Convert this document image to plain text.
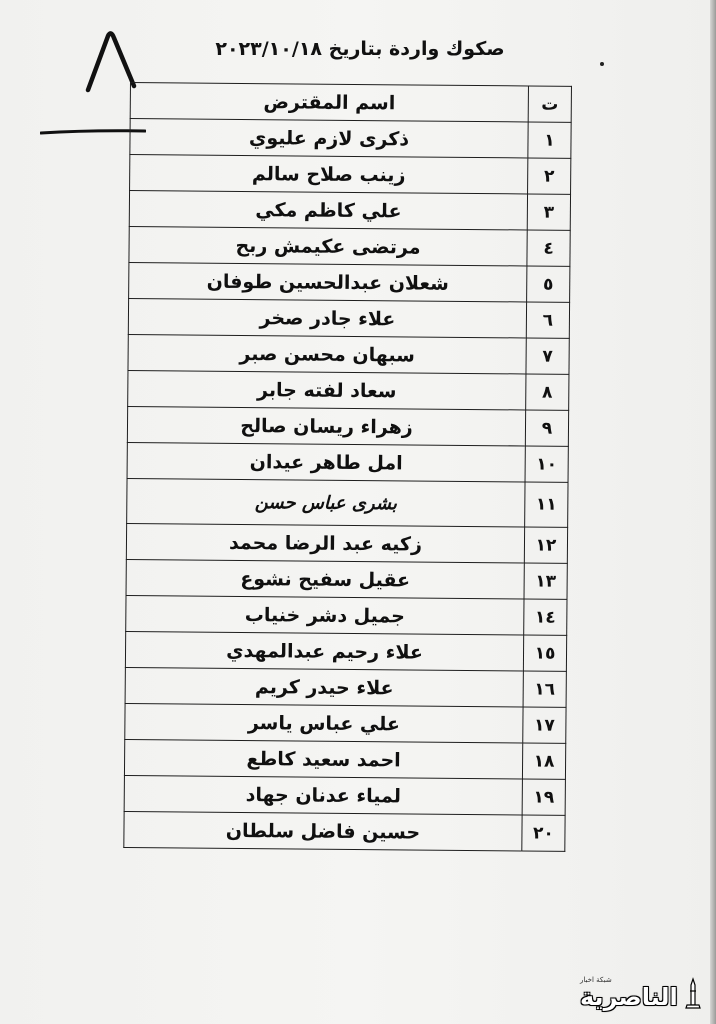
صكوك واردة بتاريخ ٢٠٢٣/١٠/١٨
ت	اسم المقترض
١	ذكرى لازم عليوي
٢	زينب صلاح سالم
٣	علي كاظم مكي
٤	مرتضى عكيمش ربح
٥	شعلان عبدالحسين طوفان
٦	علاء جادر صخر
٧	سبهان محسن صبر
٨	سعاد لفته جابر
٩	زهراء ريسان صالح
١٠	امل طاهر عيدان
١١	بشرى عباس حسن
١٢	زكيه عبد الرضا محمد
١٣	عقيل سفيح نشوع
١٤	جميل دشر خنياب
١٥	علاء رحيم عبدالمهدي
١٦	علاء حيدر كريم
١٧	علي عباس ياسر
١٨	احمد سعيد كاطع
١٩	لمياء عدنان جهاد
٢٠	حسين فاضل سلطان
شبكة اخبار
الناصرية
